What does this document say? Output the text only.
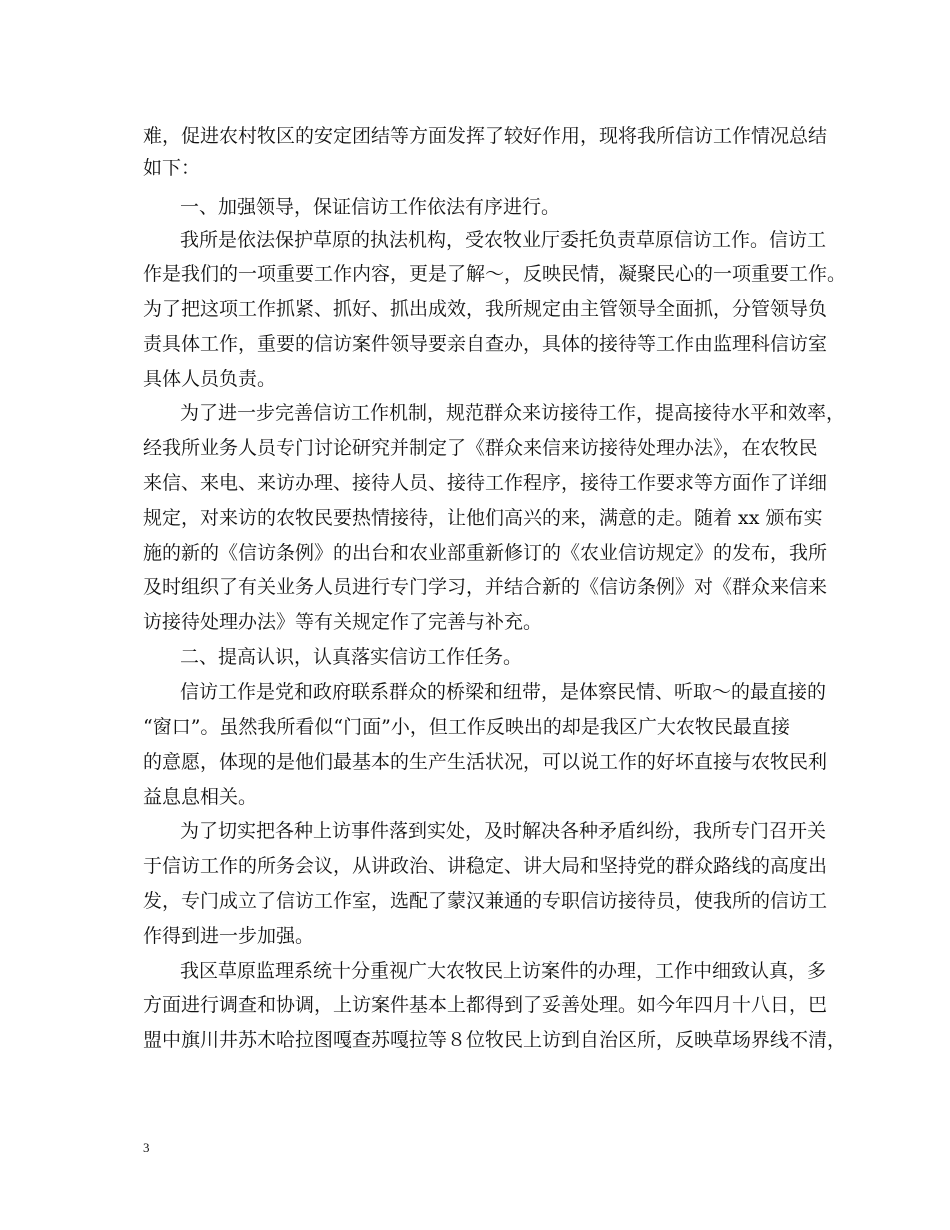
难，促进农村牧区的安定团结等方面发挥了较好作用，现将我所信访工作情况总结
如下：
一、加强领导，保证信访工作依法有序进行。
我所是依法保护草原的执法机构，受农牧业厅委托负责草原信访工作。信访工
作是我们的一项重要工作内容，更是了解～，反映民情，凝聚民心的一项重要工作。
为了把这项工作抓紧、抓好、抓出成效，我所规定由主管领导全面抓，分管领导负
责具体工作，重要的信访案件领导要亲自查办，具体的接待等工作由监理科信访室
具体人员负责。
为了进一步完善信访工作机制，规范群众来访接待工作，提高接待水平和效率，
经我所业务人员专门讨论研究并制定了《群众来信来访接待处理办法》，在农牧民
来信、来电、来访办理、接待人员、接待工作程序，接待工作要求等方面作了详细
规定，对来访的农牧民要热情接待，让他们高兴的来，满意的走。随着 xx 颁布实
施的新的《信访条例》的出台和农业部重新修订的《农业信访规定》的发布，我所
及时组织了有关业务人员进行专门学习，并结合新的《信访条例》对《群众来信来
访接待处理办法》等有关规定作了完善与补充。
二、提高认识，认真落实信访工作任务。
信访工作是党和政府联系群众的桥梁和纽带，是体察民情、听取～的最直接的
“窗口”。虽然我所看似“门面”小，但工作反映出的却是我区广大农牧民最直接
的意愿，体现的是他们最基本的生产生活状况，可以说工作的好坏直接与农牧民利
益息息相关。
为了切实把各种上访事件落到实处，及时解决各种矛盾纠纷，我所专门召开关
于信访工作的所务会议，从讲政治、讲稳定、讲大局和坚持党的群众路线的高度出
发，专门成立了信访工作室，选配了蒙汉兼通的专职信访接待员，使我所的信访工
作得到进一步加强。
我区草原监理系统十分重视广大农牧民上访案件的办理，工作中细致认真，多
方面进行调查和协调，上访案件基本上都得到了妥善处理。如今年四月十八日，巴
盟中旗川井苏木哈拉图嘎查苏嘎拉等８位牧民上访到自治区所，反映草场界线不清，
3
